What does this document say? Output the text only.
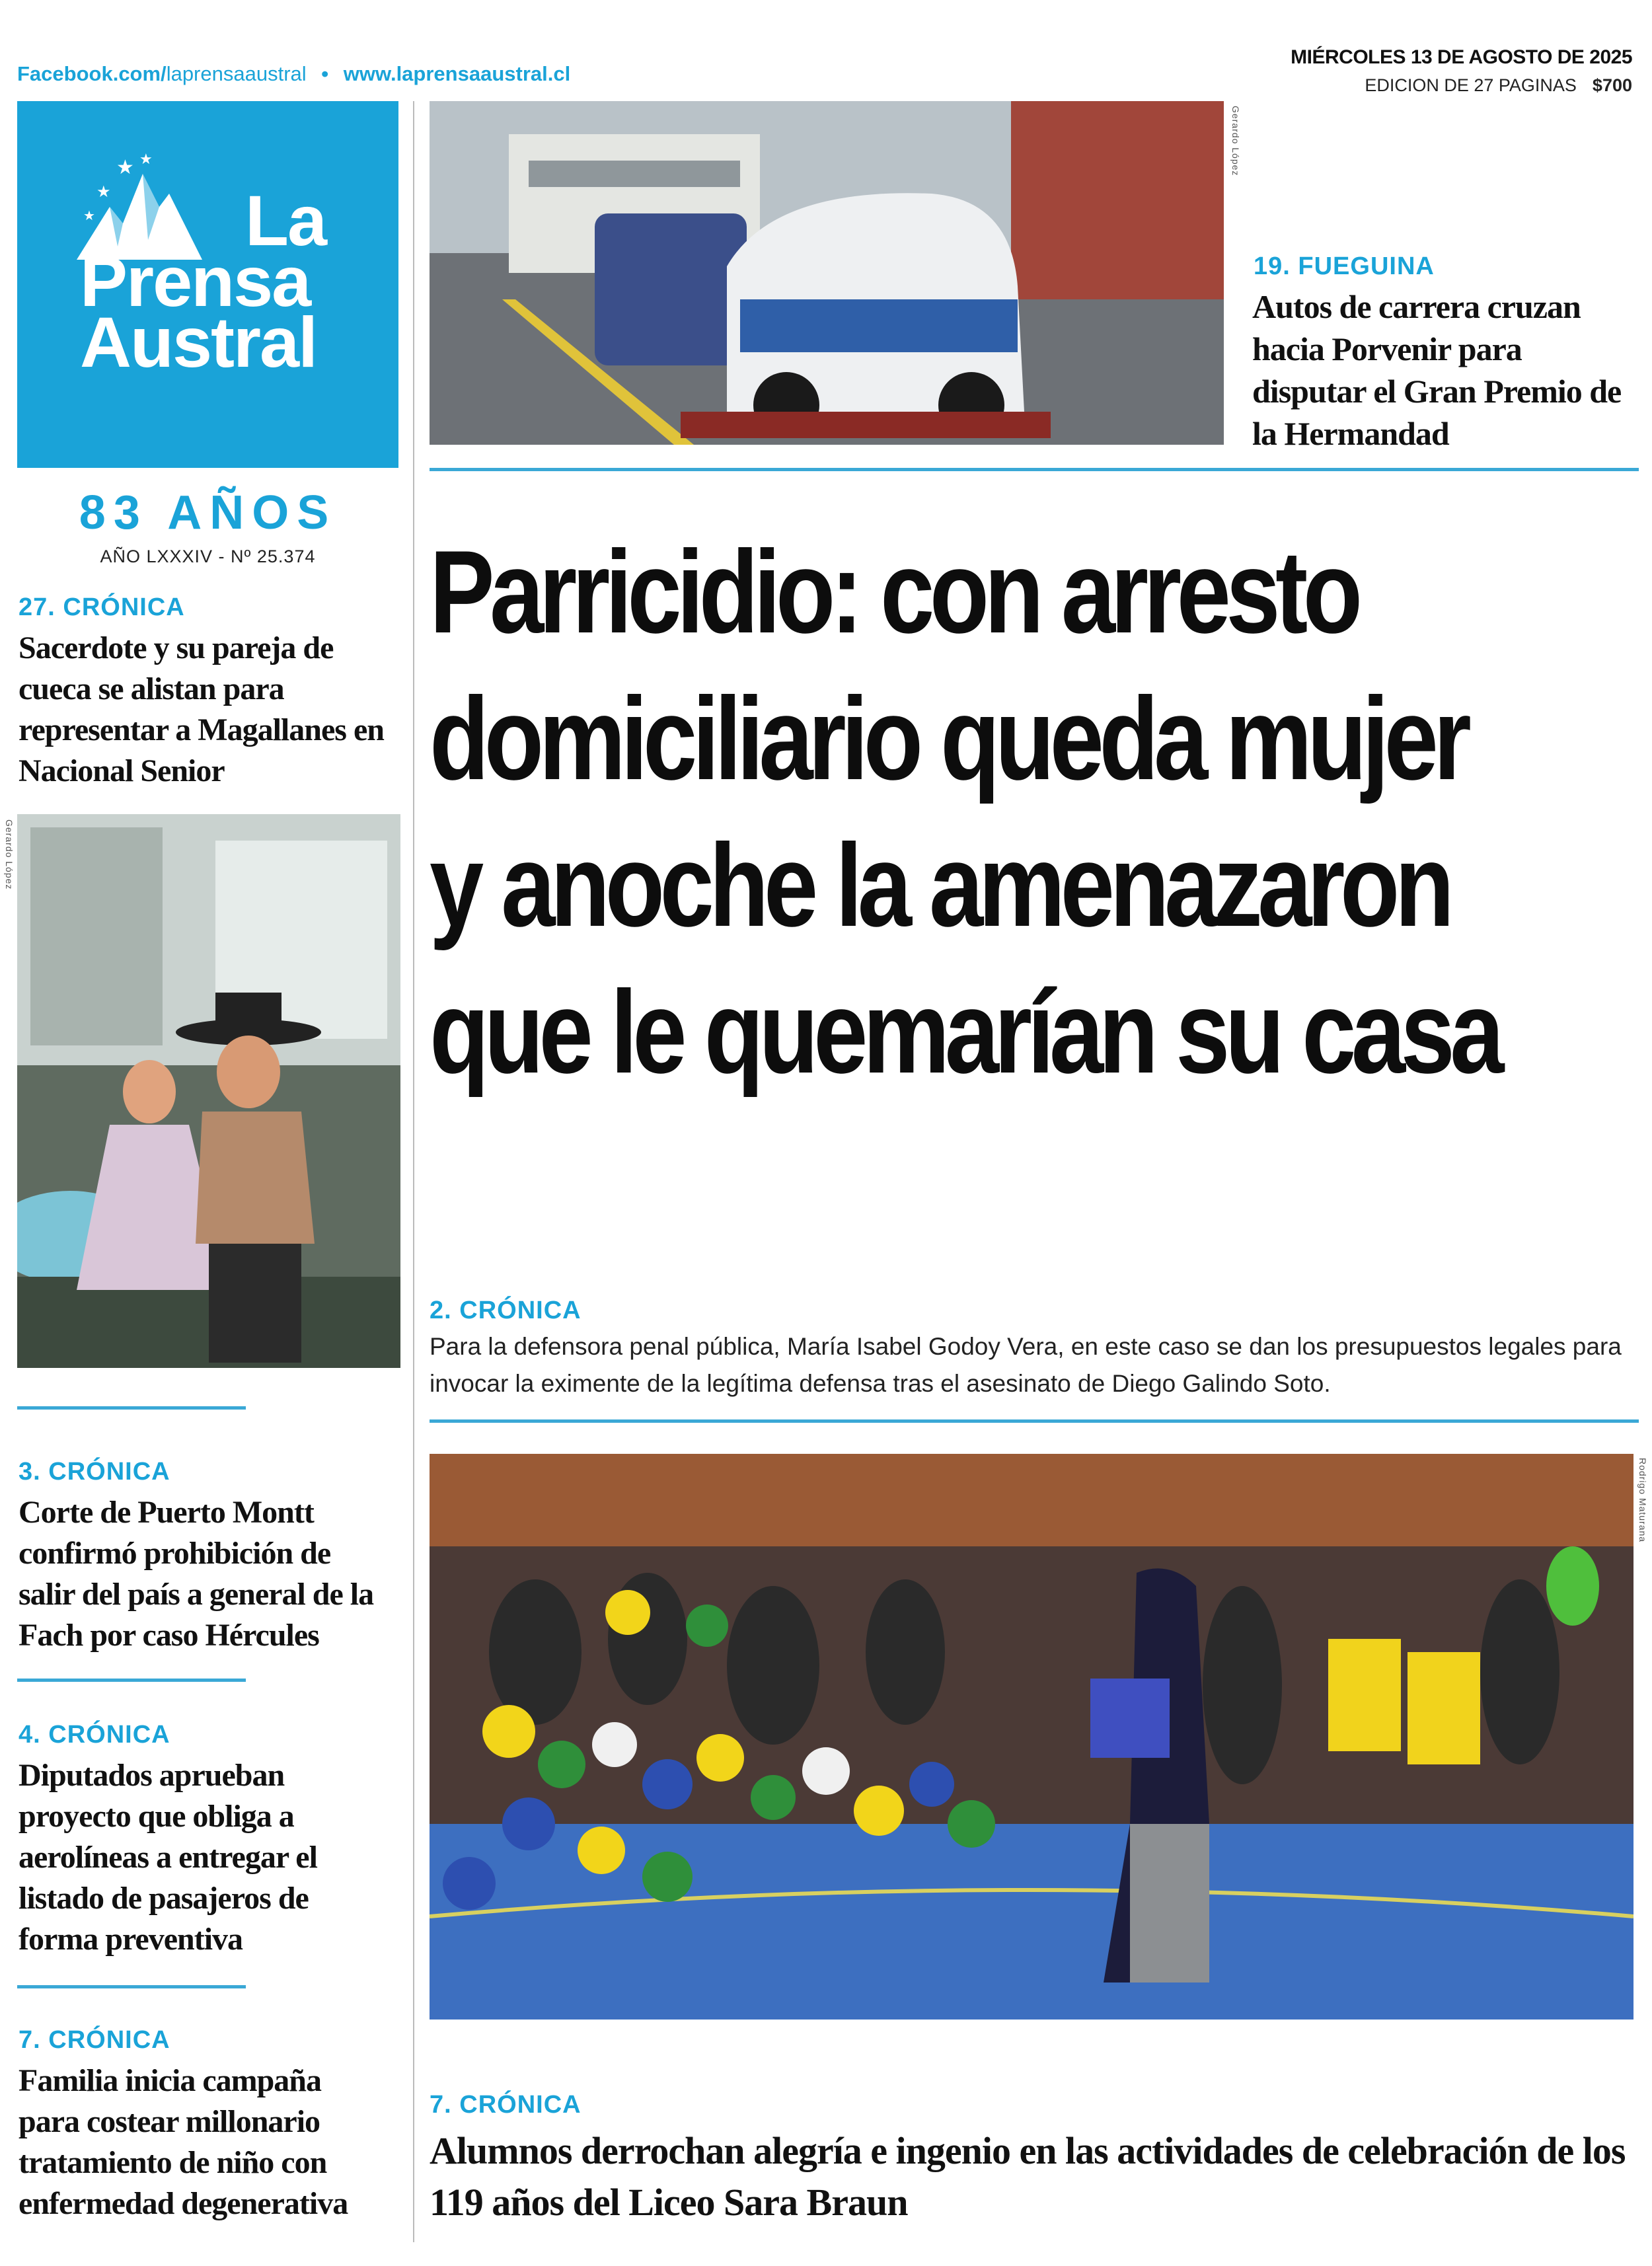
Facebook.com/laprensaaustral • www.laprensaaustral.cl
MIÉRCOLES 13 DE AGOSTO DE 2025
EDICION DE 27 PAGINAS $700
★
★
★
★	La
Prensa
Austral
83 AÑOS
AÑO LXXXIV - Nº 25.374
27. CRÓNICA
Sacerdote y su pareja de cueca se alistan para representar a Magallanes en Nacional Senior
Gerardo López
3. CRÓNICA
Corte de Puerto Montt confirmó prohibición de salir del país a general de la Fach por caso Hércules
4. CRÓNICA
Diputados aprueban proyecto que obliga a aerolíneas a entregar el listado de pasajeros de forma preventiva
7. CRÓNICA
Familia inicia campaña para costear millonario tratamiento de niño con enfermedad degenerativa
Gerardo López
19. FUEGUINA
Autos de carrera cruzan hacia Porvenir para disputar el Gran Premio de la Hermandad
Parricidio: con arresto
domiciliario queda mujer
y anoche la amenazaron
que le quemarían su casa
2. CRÓNICA
Para la defensora penal pública, María Isabel Godoy Vera, en este caso se dan los presupuestos legales para invocar la eximente de la legítima defensa tras el asesinato de Diego Galindo Soto.
Rodrigo Maturana
7. CRÓNICA
Alumnos derrochan alegría e ingenio en las actividades de celebración de los 119 años del Liceo Sara Braun
